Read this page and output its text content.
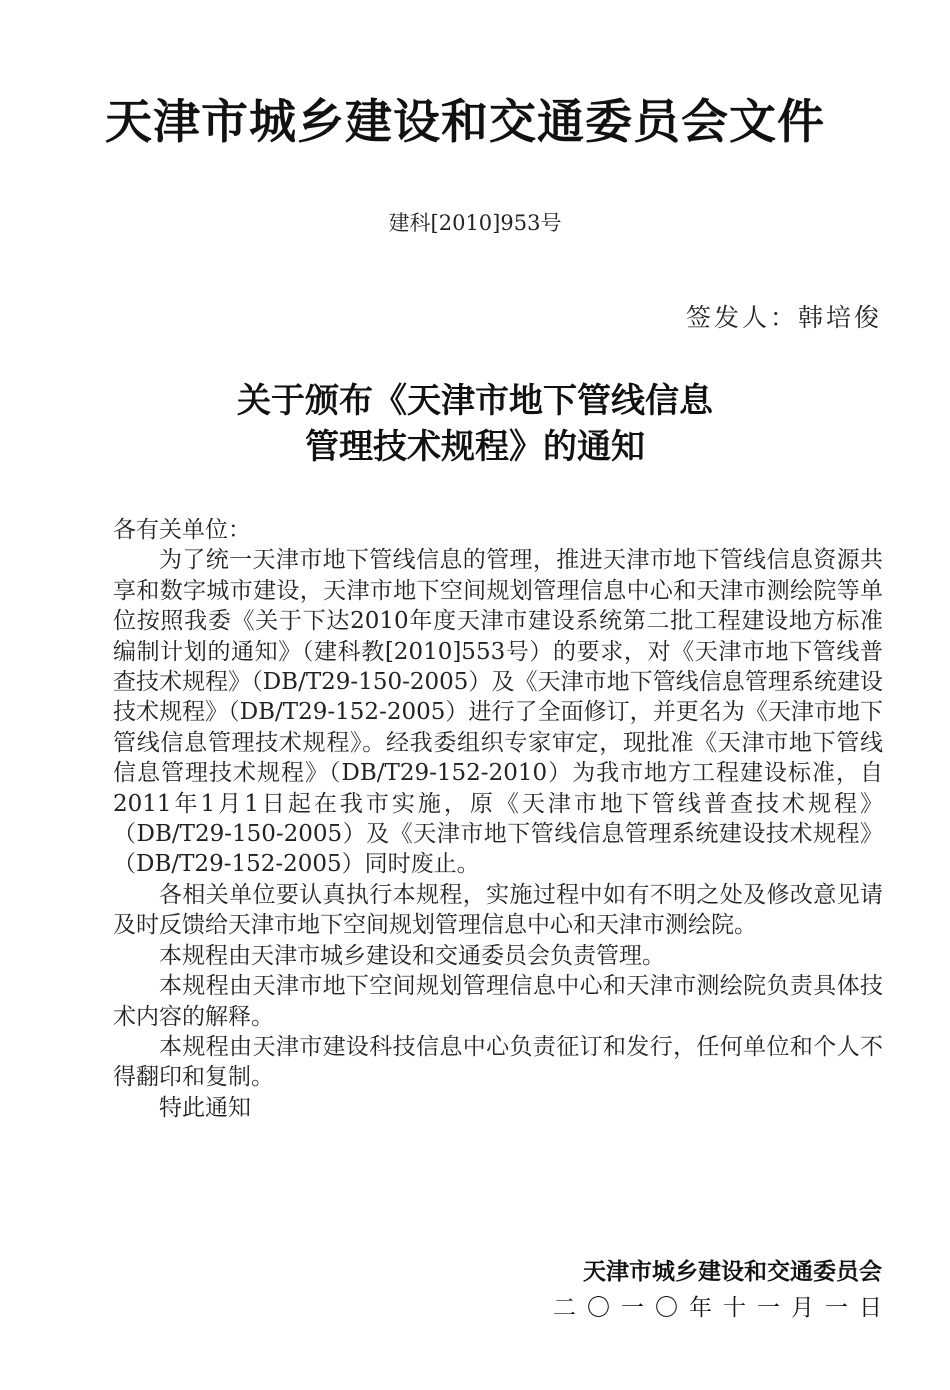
天津市城乡建设和交通委员会文件
建科[2010]953号
签发人：韩培俊
关于颁布《天津市地下管线信息
管理技术规程》的通知

各有关单位：

为了统一天津市地下管线信息的管理，推进天津市地下管线信息资源共享和数字城市建设，天津市地下空间规划管理信息中心和天津市测绘院等单位按照我委《关于下达2010年度天津市建设系统第二批工程建设地方标准编制计划的通知》（建科教[2010]553号）的要求，对《天津市地下管线普查技术规程》（DB/T29-150-2005）及《天津市地下管线信息管理系统建设技术规程》（DB/T29-152-2005）进行了全面修订，并更名为《天津市地下管线信息管理技术规程》。经我委组织专家审定，现批准《天津市地下管线信息管理技术规程》（DB/T29-152-2010）为我市地方工程建设标准，自2011年1月1日起在我市实施，原《天津市地下管线普查技术规程》（DB/T29-150-2005）及《天津市地下管线信息管理系统建设技术规程》（DB/T29-152-2005）同时废止。

各相关单位要认真执行本规程，实施过程中如有不明之处及修改意见请及时反馈给天津市地下空间规划管理信息中心和天津市测绘院。

本规程由天津市城乡建设和交通委员会负责管理。

本规程由天津市地下空间规划管理信息中心和天津市测绘院负责具体技术内容的解释。

本规程由天津市建设科技信息中心负责征订和发行，任何单位和个人不得翻印和复制。

特此通知

天津市城乡建设和交通委员会
二〇一〇年十一月一日
